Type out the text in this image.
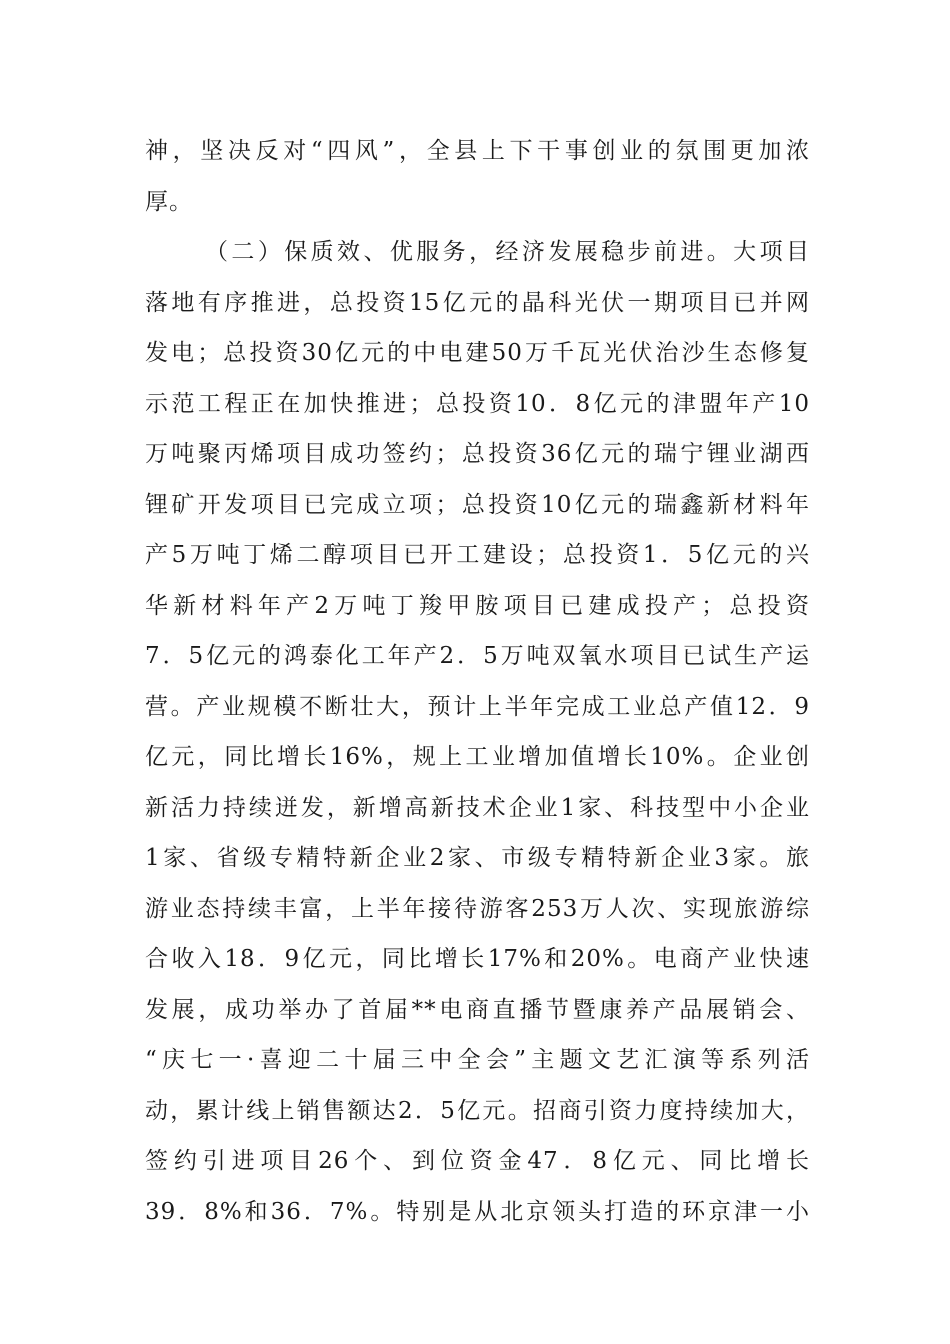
神，坚决反对“四风”，全县上下干事创业的氛围更加浓
厚。
（二）保质效、优服务，经济发展稳步前进。大项目
落地有序推进，总投资15亿元的晶科光伏一期项目已并网
发电；总投资30亿元的中电建50万千瓦光伏治沙生态修复
示范工程正在加快推进；总投资10．8亿元的津盟年产10
万吨聚丙烯项目成功签约；总投资36亿元的瑞宁锂业湖西
锂矿开发项目已完成立项；总投资10亿元的瑞鑫新材料年
产5万吨丁烯二醇项目已开工建设；总投资1．5亿元的兴
华新材料年产2万吨丁羧甲胺项目已建成投产；总投资
7．5亿元的鸿泰化工年产2．5万吨双氧水项目已试生产运
营。产业规模不断壮大，预计上半年完成工业总产值12．9
亿元，同比增长16%，规上工业增加值增长10%。企业创
新活力持续迸发，新增高新技术企业1家、科技型中小企业
1家、省级专精特新企业2家、市级专精特新企业3家。旅
游业态持续丰富，上半年接待游客253万人次、实现旅游综
合收入18．9亿元，同比增长17%和20%。电商产业快速
发展，成功举办了首届**电商直播节暨康养产品展销会、
“庆七一·喜迎二十届三中全会”主题文艺汇演等系列活
动，累计线上销售额达2．5亿元。招商引资力度持续加大，
签约引进项目26个、到位资金47．8亿元、同比增长
39．8%和36．7%。特别是从北京领头打造的环京津一小
